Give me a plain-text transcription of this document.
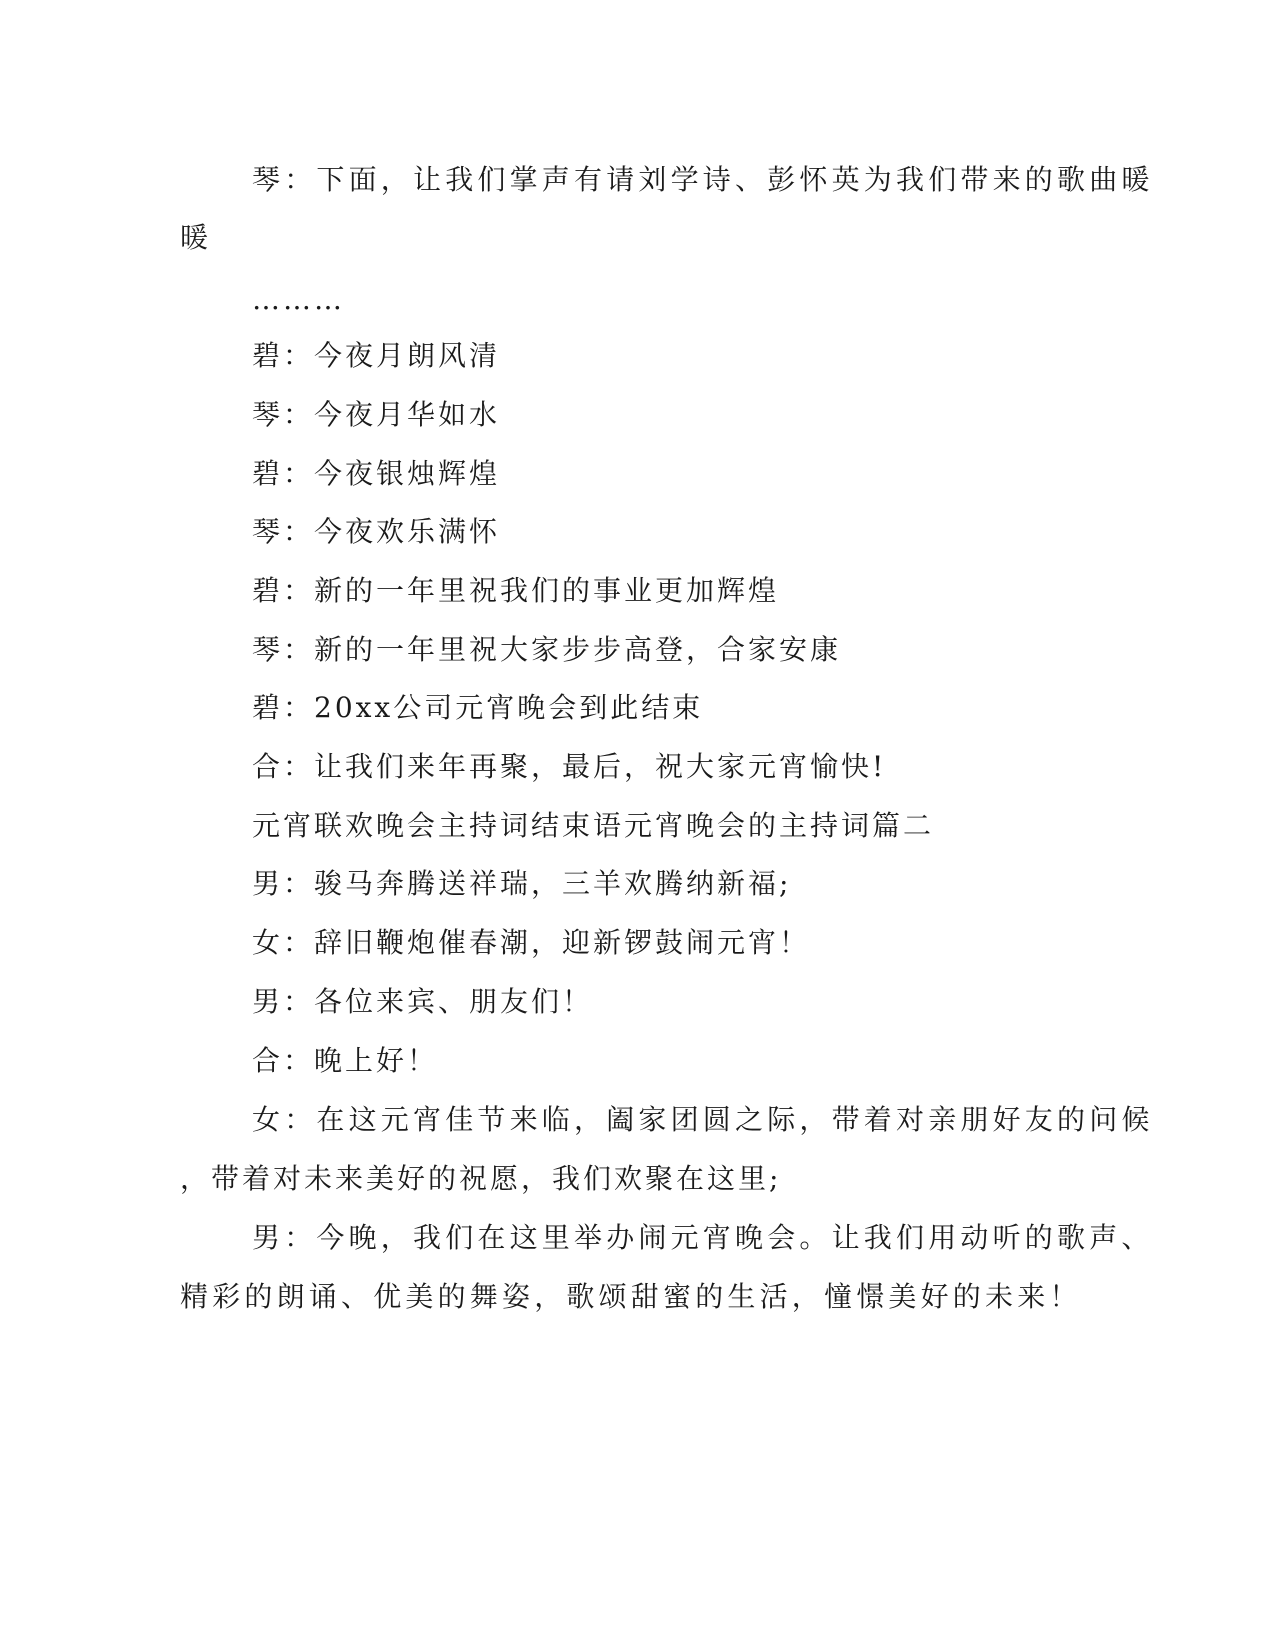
琴：下面，让我们掌声有请刘学诗、彭怀英为我们带来的歌曲暖

暖

………

碧：今夜月朗风清

琴：今夜月华如水

碧：今夜银烛辉煌

琴：今夜欢乐满怀

碧：新的一年里祝我们的事业更加辉煌

琴：新的一年里祝大家步步高登，合家安康

碧：20xx公司元宵晚会到此结束

合：让我们来年再聚，最后，祝大家元宵愉快!

元宵联欢晚会主持词结束语元宵晚会的主持词篇二

男：骏马奔腾送祥瑞，三羊欢腾纳新福;

女：辞旧鞭炮催春潮，迎新锣鼓闹元宵！

男：各位来宾、朋友们！

合：晚上好！

女：在这元宵佳节来临，阖家团圆之际，带着对亲朋好友的问候

，带着对未来美好的祝愿，我们欢聚在这里;

男：今晚，我们在这里举办闹元宵晚会。让我们用动听的歌声、

精彩的朗诵、优美的舞姿，歌颂甜蜜的生活，憧憬美好的未来！
